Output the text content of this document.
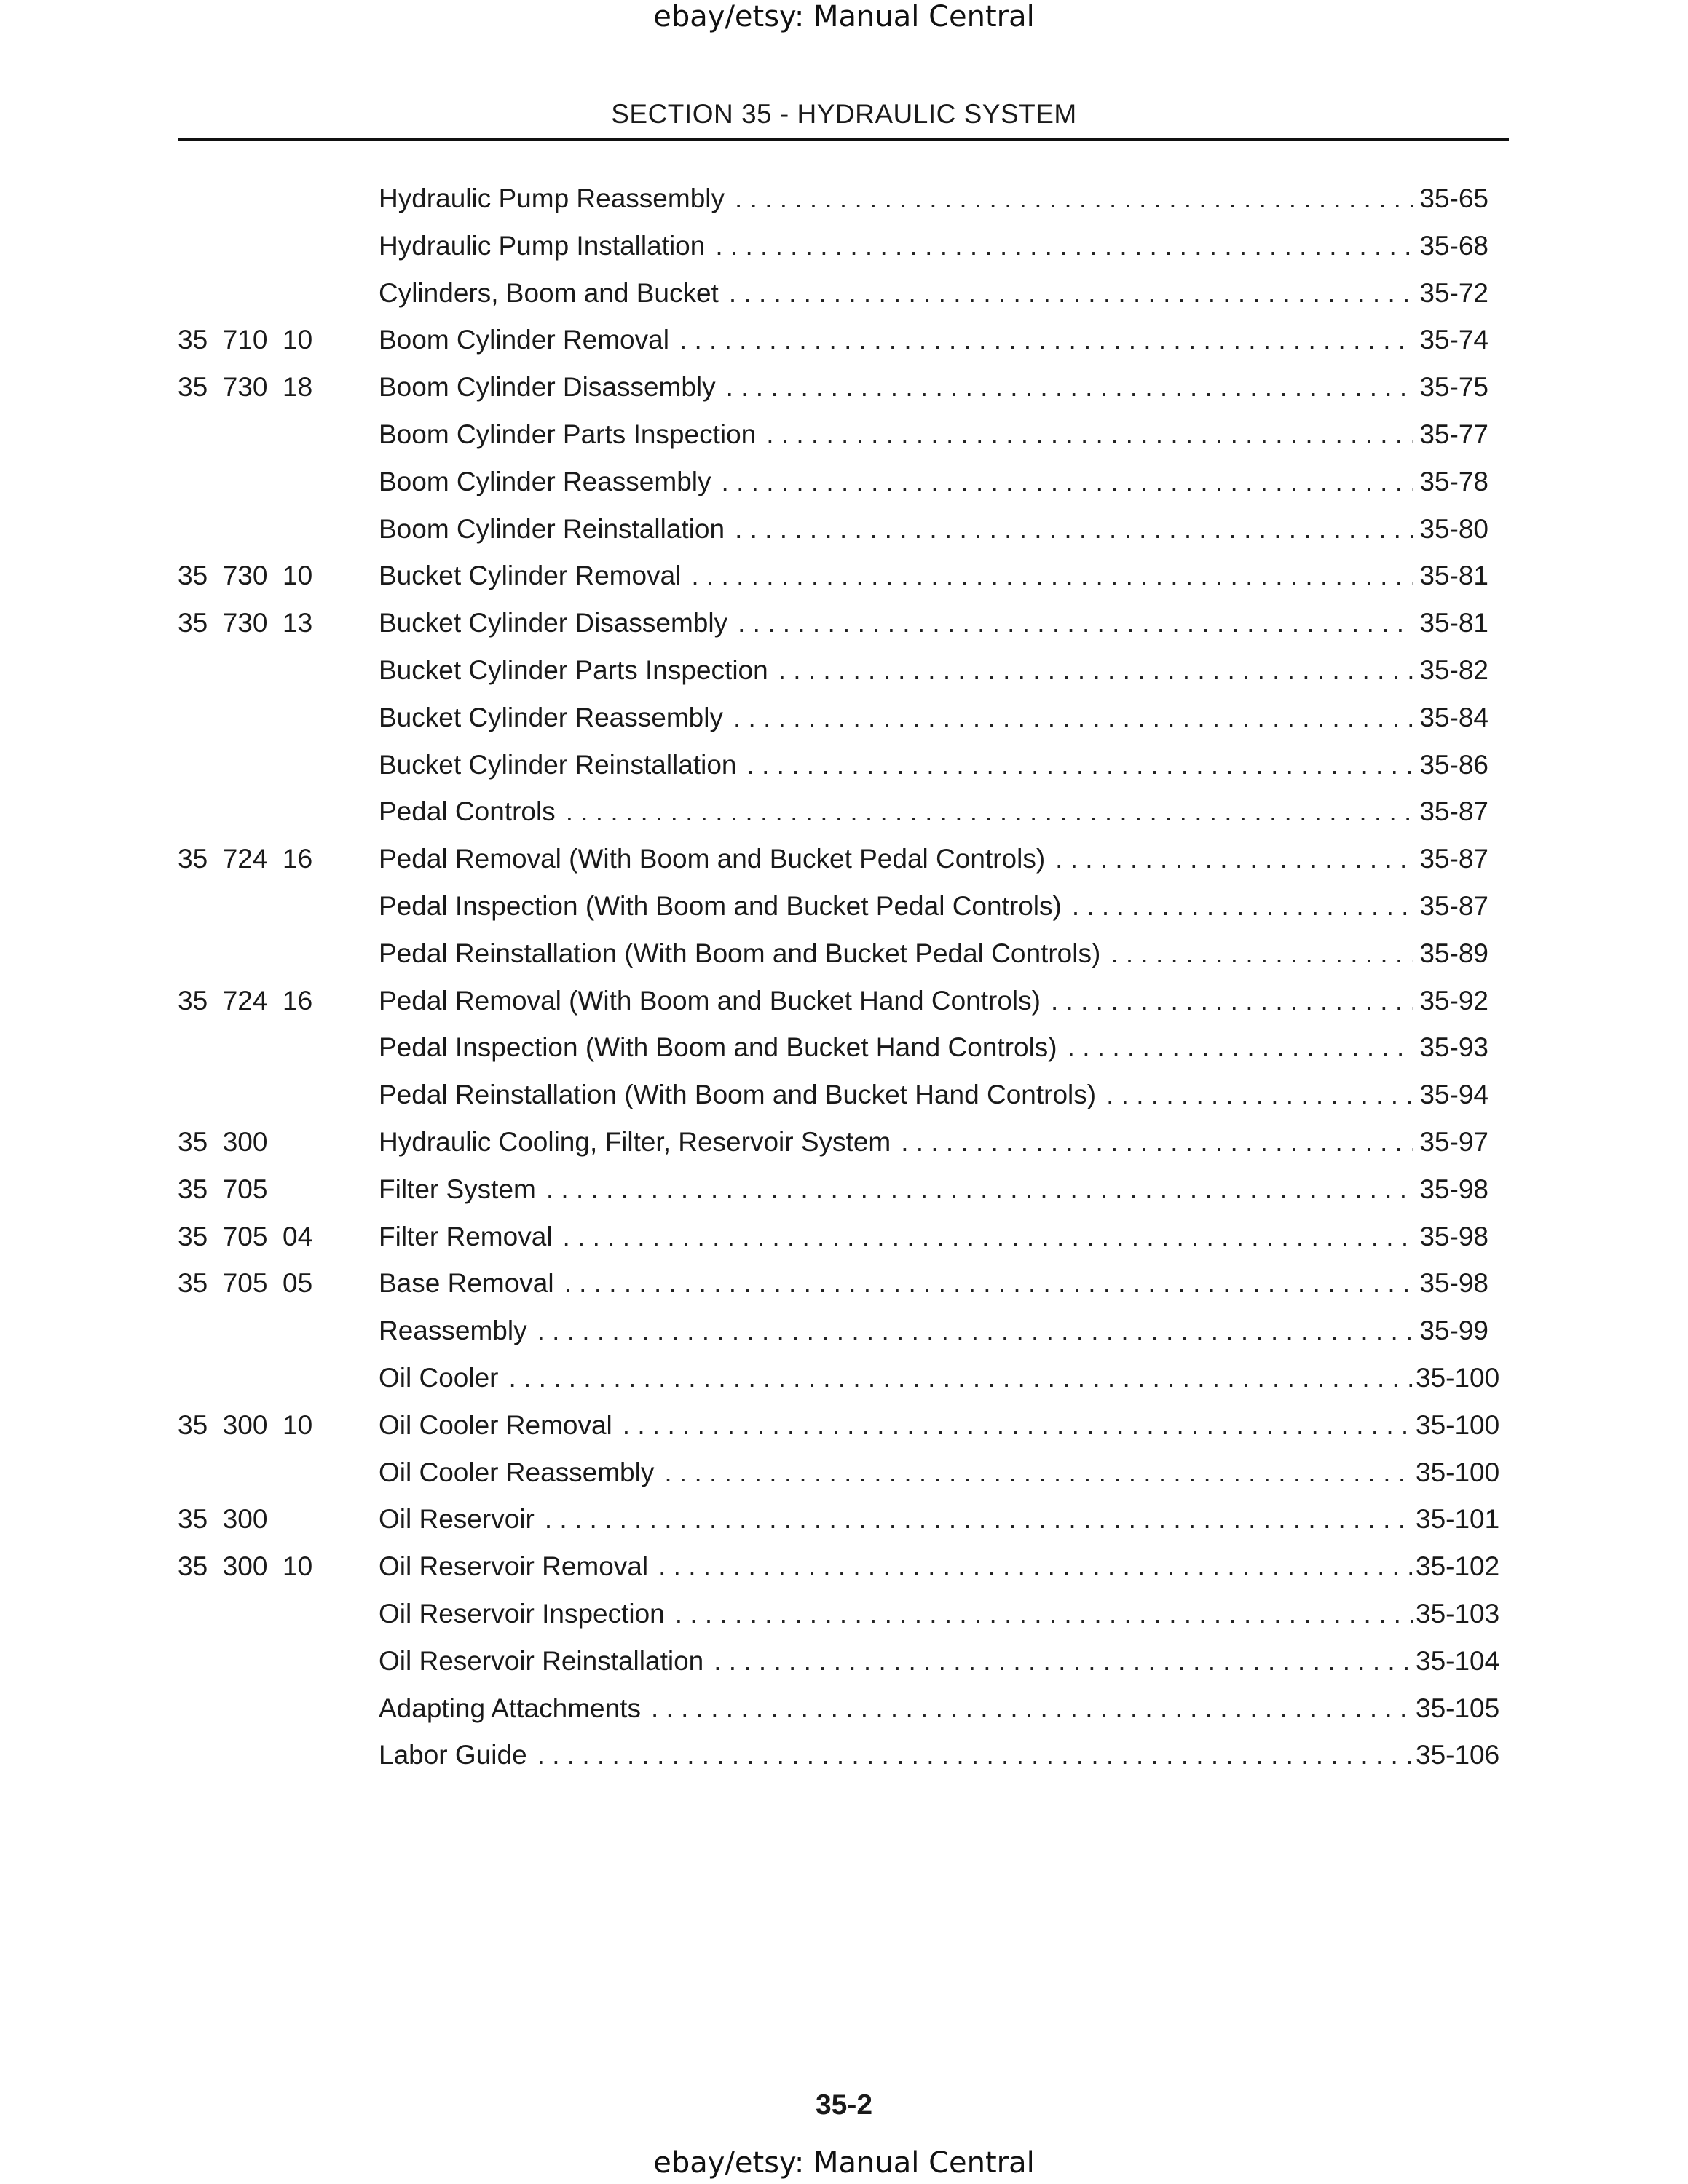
ebay/etsy: Manual Central
SECTION 35 - HYDRAULIC SYSTEM
Hydraulic Pump Reassembly . . .	35-65
Hydraulic Pump Installation . . .	35-68
Cylinders, Boom and Bucket . . .	35-72
35  710  10	Boom Cylinder Removal . . .	35-74
35  730  18	Boom Cylinder Disassembly . . .	35-75
Boom Cylinder Parts Inspection . . .	35-77
Boom Cylinder Reassembly . . .	35-78
Boom Cylinder Reinstallation . . .	35-80
35  730  10	Bucket Cylinder Removal . . .	35-81
35  730  13	Bucket Cylinder Disassembly . . .	35-81
Bucket Cylinder Parts Inspection . . .	35-82
Bucket Cylinder Reassembly . . .	35-84
Bucket Cylinder Reinstallation . . .	35-86
Pedal Controls . . .	35-87
35  724  16	Pedal Removal (With Boom and Bucket Pedal Controls) . . .	35-87
Pedal Inspection (With Boom and Bucket Pedal Controls) . . .	35-87
Pedal Reinstallation (With Boom and Bucket Pedal Controls) . . .	35-89
35  724  16	Pedal Removal (With Boom and Bucket Hand Controls) . . .	35-92
Pedal Inspection (With Boom and Bucket Hand Controls) . . .	35-93
Pedal Reinstallation (With Boom and Bucket Hand Controls) . . .	35-94
35  300	Hydraulic Cooling, Filter, Reservoir System . . .	35-97
35  705	Filter System . . .	35-98
35  705  04	Filter Removal . . .	35-98
35  705  05	Base Removal . . .	35-98
Reassembly . . .	35-99
Oil Cooler . . .	35-100
35  300  10	Oil Cooler Removal . . .	35-100
Oil Cooler Reassembly . . .	35-100
35  300	Oil Reservoir . . .	35-101
35  300  10	Oil Reservoir Removal . . .	35-102
Oil Reservoir Inspection . . .	35-103
Oil Reservoir Reinstallation . . .	35-104
Adapting Attachments . . .	35-105
Labor Guide . . .	35-106
35-2
ebay/etsy: Manual Central
